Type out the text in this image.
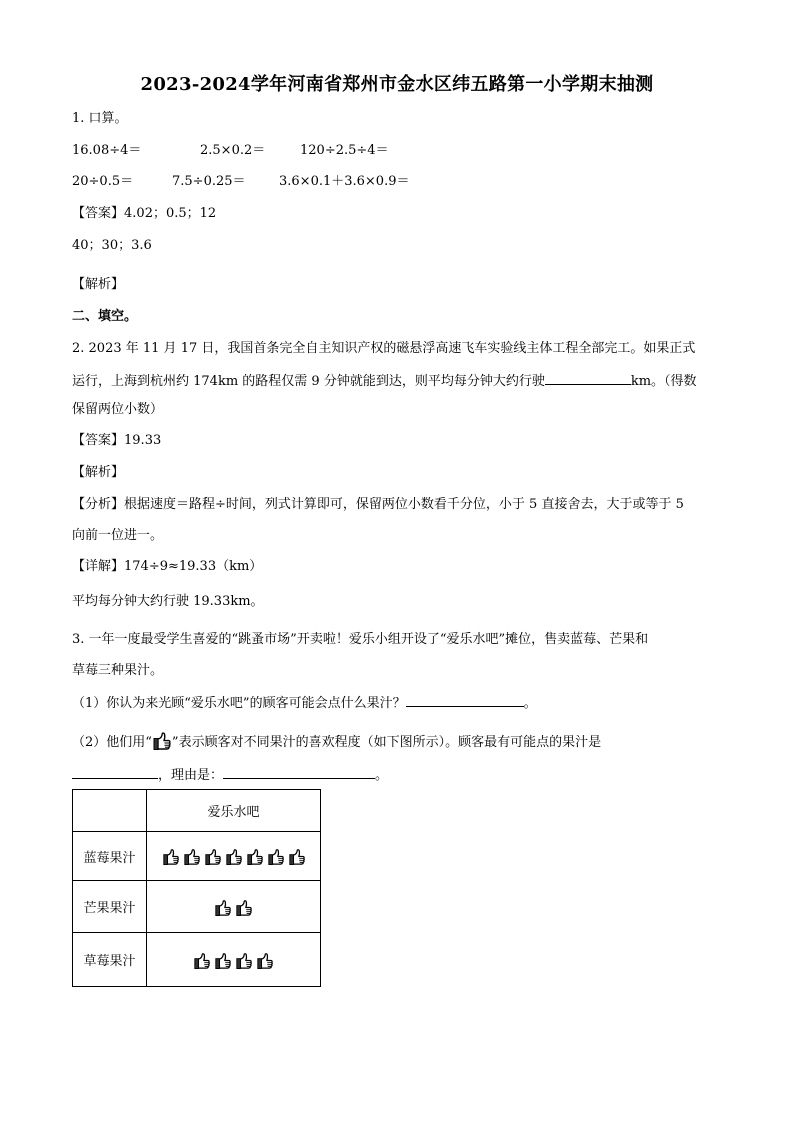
2023-2024学年河南省郑州市金水区纬五路第一小学期末抽测
1. 口算。
16.08÷4＝	2.5×0.2＝	120÷2.5÷4＝
20÷0.5＝	7.5÷0.25＝	3.6×0.1＋3.6×0.9＝
【答案】4.02；0.5；12
40；30；3.6
【解析】
二、填空。
2. 2023 年 11 月 17 日，我国首条完全自主知识产权的磁悬浮高速飞车实验线主体工程全部完工。如果正式
运行，上海到杭州约 174km 的路程仅需 9 分钟就能到达，则平均每分钟大约行驶	km。（得数
保留两位小数）
【答案】19.33
【解析】
【分析】根据速度＝路程÷时间，列式计算即可，保留两位小数看千分位，小于 5 直接舍去，大于或等于 5
向前一位进一。
【详解】174÷9≈19.33（km）
平均每分钟大约行驶 19.33km。
3. 一年一度最受学生喜爱的“跳蚤市场”开卖啦！爱乐小组开设了“爱乐水吧”摊位，售卖蓝莓、芒果和
草莓三种果汁。
（1）你认为来光顾“爱乐水吧”的顾客可能会点什么果汁？	。
（2）他们用“ ”表示顾客对不同果汁的喜欢程度（如下图所示）。顾客最有可能点的果汁是
，理由是：	。
	爱乐水吧
蓝莓果汁	

芒果果汁	

草莓果汁	
